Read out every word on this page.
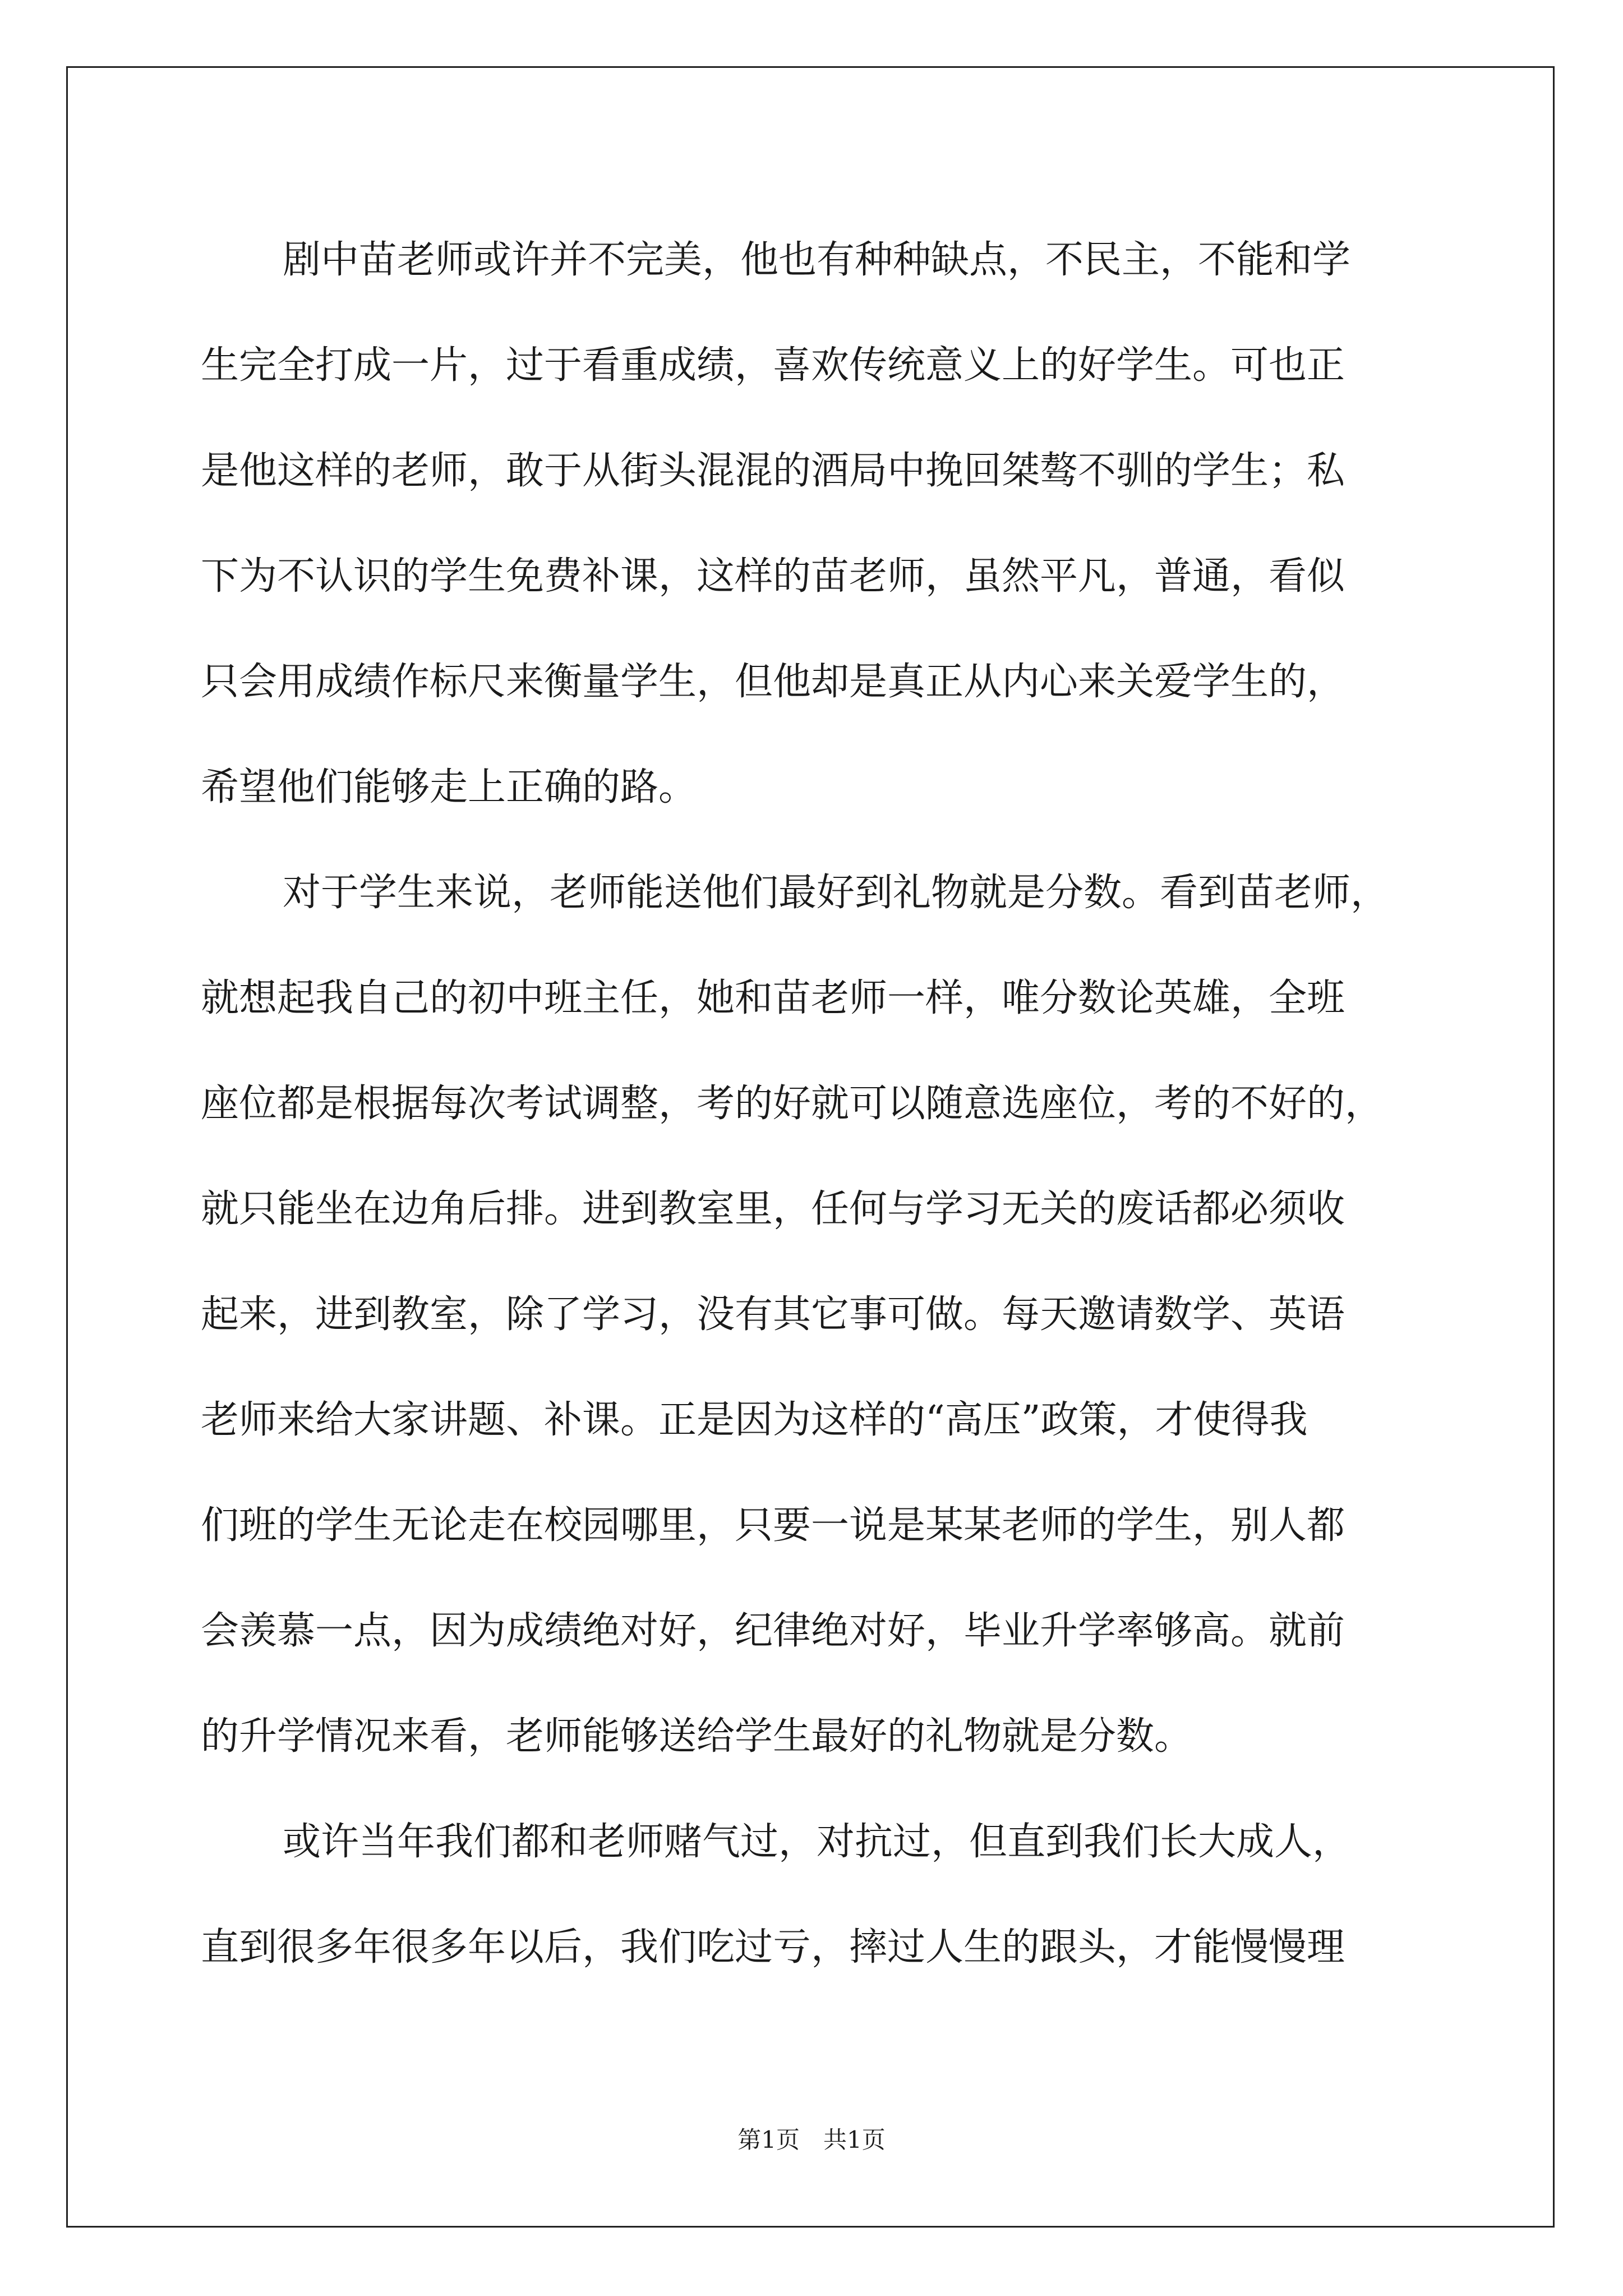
剧中苗老师或许并不完美，他也有种种缺点，不民主，不能和学
生完全打成一片，过于看重成绩，喜欢传统意义上的好学生。可也正
是他这样的老师，敢于从街头混混的酒局中挽回桀骜不驯的学生；私
下为不认识的学生免费补课，这样的苗老师，虽然平凡，普通，看似
只会用成绩作标尺来衡量学生，但他却是真正从内心来关爱学生的，
希望他们能够走上正确的路。
对于学生来说，老师能送他们最好到礼物就是分数。看到苗老师，
就想起我自己的初中班主任，她和苗老师一样，唯分数论英雄，全班
座位都是根据每次考试调整，考的好就可以随意选座位，考的不好的，
就只能坐在边角后排。进到教室里，任何与学习无关的废话都必须收
起来，进到教室，除了学习，没有其它事可做。每天邀请数学、英语
老师来给大家讲题、补课。正是因为这样的“高压”政策，才使得我
们班的学生无论走在校园哪里，只要一说是某某老师的学生，别人都
会羡慕一点，因为成绩绝对好，纪律绝对好，毕业升学率够高。就前
的升学情况来看，老师能够送给学生最好的礼物就是分数。
或许当年我们都和老师赌气过，对抗过，但直到我们长大成人，
直到很多年很多年以后，我们吃过亏，摔过人生的跟头，才能慢慢理
第1页　共1页
